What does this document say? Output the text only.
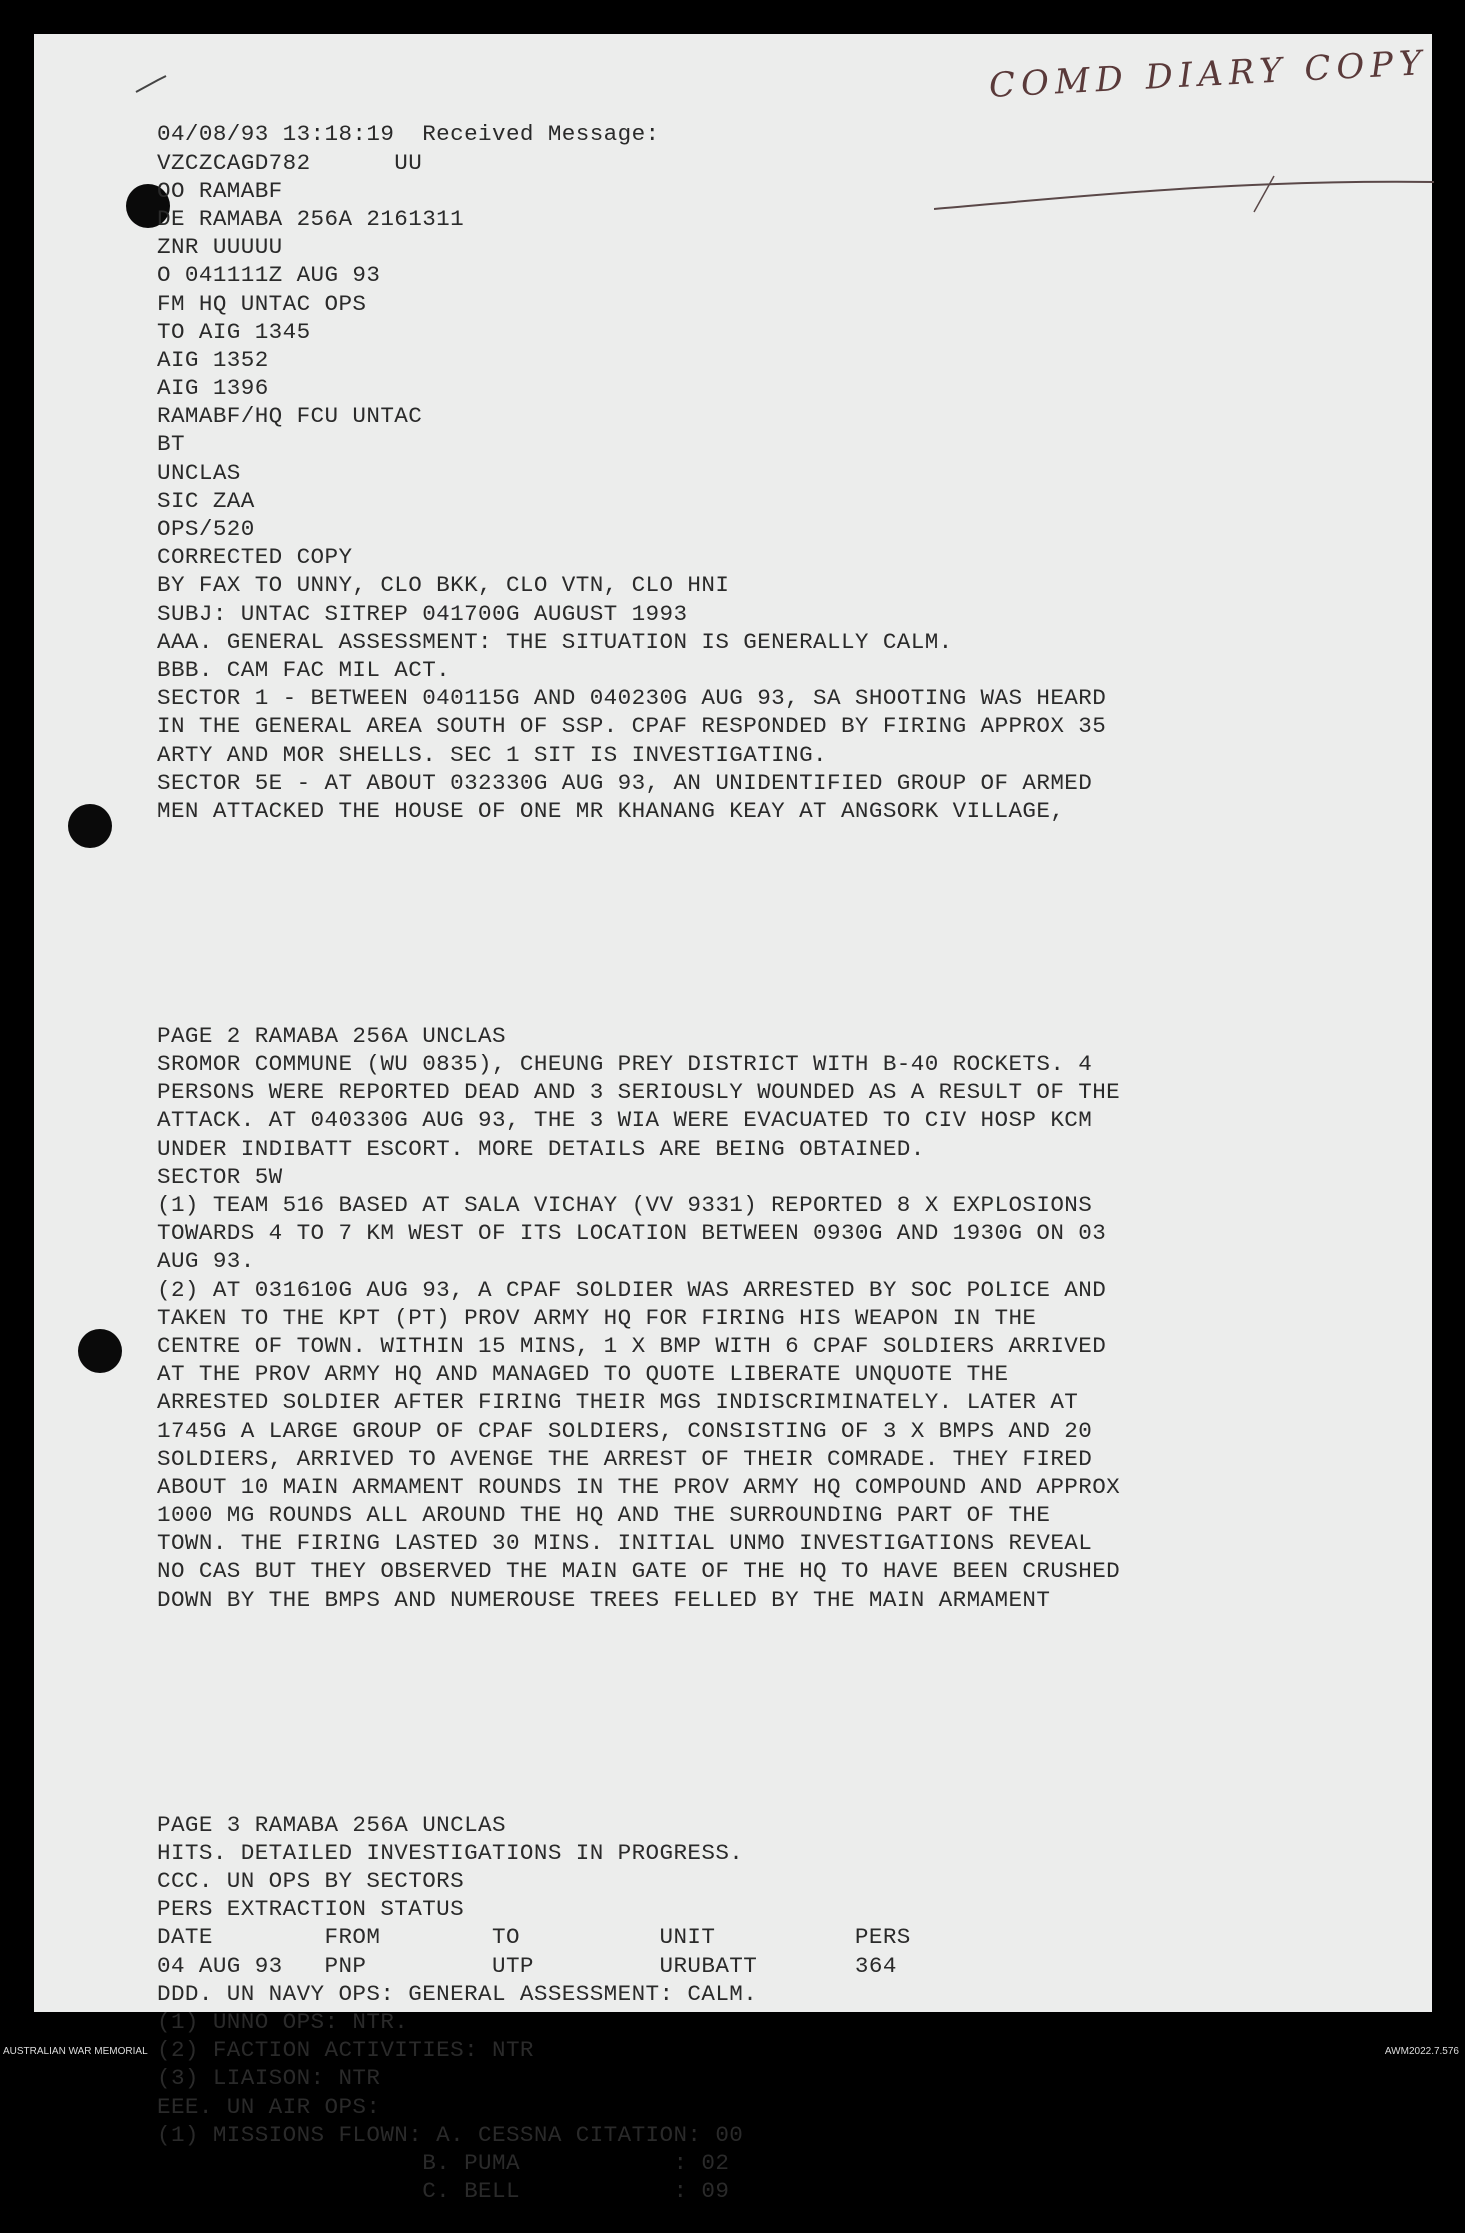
COMD DIARY COPY

04/08/93 13:18:19  Received Message:
VZCZCAGD782      UU
OO RAMABF
DE RAMABA 256A 2161311
ZNR UUUUU
O 041111Z AUG 93
FM HQ UNTAC OPS
TO AIG 1345
AIG 1352
AIG 1396
RAMABF/HQ FCU UNTAC
BT
UNCLAS
SIC ZAA
OPS/520
CORRECTED COPY
BY FAX TO UNNY, CLO BKK, CLO VTN, CLO HNI
SUBJ: UNTAC SITREP 041700G AUGUST 1993
AAA. GENERAL ASSESSMENT: THE SITUATION IS GENERALLY CALM.
BBB. CAM FAC MIL ACT.
SECTOR 1 - BETWEEN 040115G AND 040230G AUG 93, SA SHOOTING WAS HEARD
IN THE GENERAL AREA SOUTH OF SSP. CPAF RESPONDED BY FIRING APPROX 35
ARTY AND MOR SHELLS. SEC 1 SIT IS INVESTIGATING.
SECTOR 5E - AT ABOUT 032330G AUG 93, AN UNIDENTIFIED GROUP OF ARMED
MEN ATTACKED THE HOUSE OF ONE MR KHANANG KEAY AT ANGSORK VILLAGE,

PAGE 2 RAMABA 256A UNCLAS
SROMOR COMMUNE (WU 0835), CHEUNG PREY DISTRICT WITH B-40 ROCKETS. 4
PERSONS WERE REPORTED DEAD AND 3 SERIOUSLY WOUNDED AS A RESULT OF THE
ATTACK. AT 040330G AUG 93, THE 3 WIA WERE EVACUATED TO CIV HOSP KCM
UNDER INDIBATT ESCORT. MORE DETAILS ARE BEING OBTAINED.
SECTOR 5W
(1) TEAM 516 BASED AT SALA VICHAY (VV 9331) REPORTED 8 X EXPLOSIONS
TOWARDS 4 TO 7 KM WEST OF ITS LOCATION BETWEEN 0930G AND 1930G ON 03
AUG 93.
(2) AT 031610G AUG 93, A CPAF SOLDIER WAS ARRESTED BY SOC POLICE AND
TAKEN TO THE KPT (PT) PROV ARMY HQ FOR FIRING HIS WEAPON IN THE
CENTRE OF TOWN. WITHIN 15 MINS, 1 X BMP WITH 6 CPAF SOLDIERS ARRIVED
AT THE PROV ARMY HQ AND MANAGED TO QUOTE LIBERATE UNQUOTE THE
ARRESTED SOLDIER AFTER FIRING THEIR MGS INDISCRIMINATELY. LATER AT
1745G A LARGE GROUP OF CPAF SOLDIERS, CONSISTING OF 3 X BMPS AND 20
SOLDIERS, ARRIVED TO AVENGE THE ARREST OF THEIR COMRADE. THEY FIRED
ABOUT 10 MAIN ARMAMENT ROUNDS IN THE PROV ARMY HQ COMPOUND AND APPROX
1000 MG ROUNDS ALL AROUND THE HQ AND THE SURROUNDING PART OF THE
TOWN. THE FIRING LASTED 30 MINS. INITIAL UNMO INVESTIGATIONS REVEAL
NO CAS BUT THEY OBSERVED THE MAIN GATE OF THE HQ TO HAVE BEEN CRUSHED
DOWN BY THE BMPS AND NUMEROUSE TREES FELLED BY THE MAIN ARMAMENT

PAGE 3 RAMABA 256A UNCLAS
HITS. DETAILED INVESTIGATIONS IN PROGRESS.
CCC. UN OPS BY SECTORS
PERS EXTRACTION STATUS
DATE        FROM        TO          UNIT          PERS
04 AUG 93   PNP         UTP         URUBATT       364
DDD. UN NAVY OPS: GENERAL ASSESSMENT: CALM.
(1) UNNO OPS: NTR.
(2) FACTION ACTIVITIES: NTR
(3) LIAISON: NTR
EEE. UN AIR OPS:
(1) MISSIONS FLOWN: A. CESSNA CITATION: 00
B. PUMA           : 02
C. BELL           : 09

AUSTRALIAN WAR MEMORIAL	AWM2022.7.576
